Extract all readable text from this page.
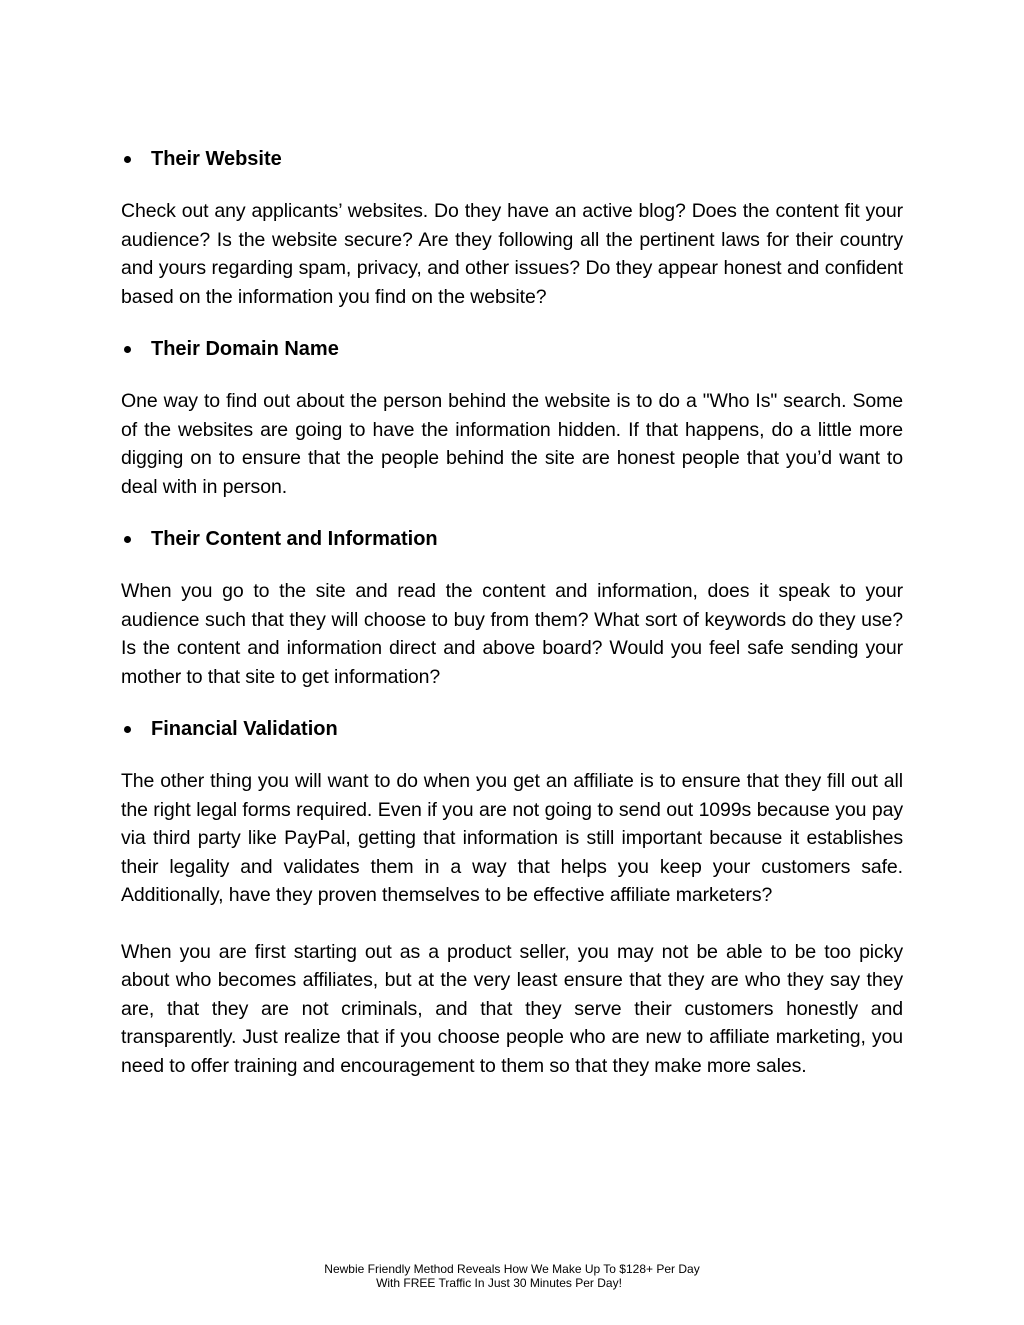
Their Website

Check out any applicants’ websites. Do they have an active blog? Does the content fit your audience? Is the website secure? Are they following all the pertinent laws for their country and yours regarding spam, privacy, and other issues? Do they appear honest and confident based on the information you find on the website?

Their Domain Name

One way to find out about the person behind the website is to do a "Who Is" search. Some of the websites are going to have the information hidden. If that happens, do a little more digging on to ensure that the people behind the site are honest people that you’d want to deal with in person.

Their Content and Information

When you go to the site and read the content and information, does it speak to your audience such that they will choose to buy from them? What sort of keywords do they use? Is the content and information direct and above board? Would you feel safe sending your mother to that site to get information?

Financial Validation

The other thing you will want to do when you get an affiliate is to ensure that they fill out all the right legal forms required. Even if you are not going to send out 1099s because you pay via third party like PayPal, getting that information is still important because it establishes their legality and validates them in a way that helps you keep your customers safe. Additionally, have they proven themselves to be effective affiliate marketers?

When you are first starting out as a product seller, you may not be able to be too picky about who becomes affiliates, but at the very least ensure that they are who they say they are, that they are not criminals, and that they serve their customers honestly and transparently. Just realize that if you choose people who are new to affiliate marketing, you need to offer training and encouragement to them so that they make more sales.

Newbie Friendly Method Reveals How We Make Up To $128+ Per Day
With FREE Traffic In Just 30 Minutes Per Day!
